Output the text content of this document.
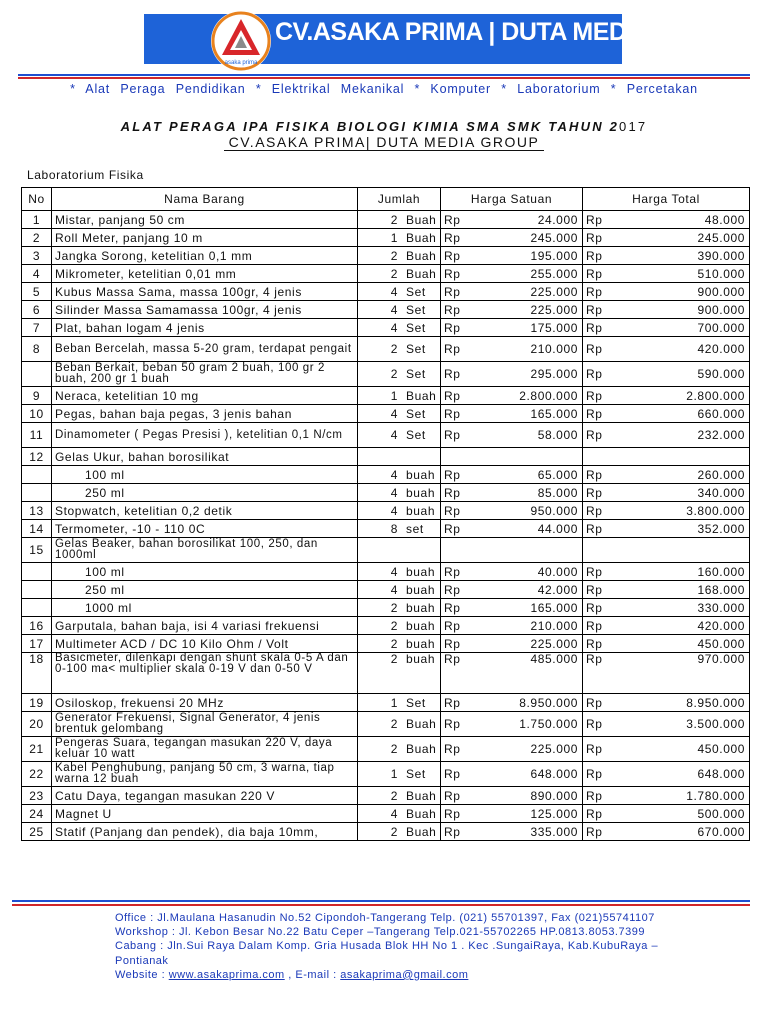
asaka prima
CV.ASAKA PRIMA | DUTA MEDIA GROUP
* Alat Peraga Pendidikan * Elektrikal Mekanikal * Komputer * Laboratorium * Percetakan
ALAT PERAGA IPA FISIKA BIOLOGI KIMIA SMA SMK TAHUN 2017
CV.ASAKA PRIMA| DUTA MEDIA GROUP
Laboratorium Fisika
No	Nama Barang	Jumlah	Harga Satuan		Harga Total	
1	Mistar, panjang 50 cm	2 Buah	Rp	24.000	Rp	48.000
2	Roll Meter, panjang 10 m	1 Buah	Rp	245.000	Rp	245.000
3	Jangka Sorong, ketelitian 0,1 mm	2 Buah	Rp	195.000	Rp	390.000
4	Mikrometer, ketelitian 0,01 mm	2 Buah	Rp	255.000	Rp	510.000
5	Kubus Massa Sama, massa 100gr, 4 jenis	4 Set	Rp	225.000	Rp	900.000
6	Silinder Massa Samamassa 100gr, 4 jenis	4 Set	Rp	225.000	Rp	900.000
7	Plat, bahan logam 4 jenis	4 Set	Rp	175.000	Rp	700.000
8	Beban Bercelah, massa 5-20 gram, terdapat pengait	2 Set	Rp	210.000	Rp	420.000
	Beban Berkait, beban 50 gram 2 buah, 100 gr 2 buah, 200 gr 1 buah	2 Set	Rp	295.000	Rp	590.000
9	Neraca, ketelitian 10 mg	1 Buah	Rp	2.800.000	Rp	2.800.000
10	Pegas, bahan baja pegas, 3 jenis bahan	4 Set	Rp	165.000	Rp	660.000
11	Dinamometer ( Pegas Presisi ), ketelitian 0,1 N/cm	4 Set	Rp	58.000	Rp	232.000
12	Gelas Ukur, bahan borosilikat					
	100 ml	4 buah	Rp	65.000	Rp	260.000
	250 ml	4 buah	Rp	85.000	Rp	340.000
13	Stopwatch, ketelitian 0,2 detik	4 buah	Rp	950.000	Rp	3.800.000
14	Termometer, -10 - 110 0C	8 set	Rp	44.000	Rp	352.000
15	Gelas Beaker, bahan borosilikat 100, 250, dan 1000ml					
	100 ml	4 buah	Rp	40.000	Rp	160.000
	250 ml	4 buah	Rp	42.000	Rp	168.000
	1000 ml	2 buah	Rp	165.000	Rp	330.000
16	Garputala, bahan baja, isi 4 variasi frekuensi	2 buah	Rp	210.000	Rp	420.000
17	Multimeter ACD / DC 10 Kilo Ohm / Volt	2 buah	Rp	225.000	Rp	450.000
18	Basicmeter, dilenkapi dengan shunt skala 0-5 A dan 0-100 ma< multiplier skala 0-19 V dan 0-50 V	2 buah	Rp	485.000	Rp	970.000
19	Osiloskop, frekuensi 20 MHz	1 Set	Rp	8.950.000	Rp	8.950.000
20	Generator Frekuensi, Signal Generator, 4 jenis brentuk gelombang	2 Buah	Rp	1.750.000	Rp	3.500.000
21	Pengeras Suara, tegangan masukan 220 V, daya keluar 10 watt	2 Buah	Rp	225.000	Rp	450.000
22	Kabel Penghubung, panjang 50 cm, 3 warna, tiap warna 12 buah	1 Set	Rp	648.000	Rp	648.000
23	Catu Daya, tegangan masukan 220 V	2 Buah	Rp	890.000	Rp	1.780.000
24	Magnet U	4 Buah	Rp	125.000	Rp	500.000
25	Statif (Panjang dan pendek), dia baja 10mm,	2 Buah	Rp	335.000	Rp	670.000
Office : Jl.Maulana Hasanudin No.52 Cipondoh-Tangerang Telp. (021) 55701397, Fax (021)55741107
Workshop : Jl. Kebon Besar No.22 Batu Ceper –Tangerang Telp.021-55702265 HP.0813.8053.7399
Cabang : Jln.Sui Raya Dalam Komp. Gria Husada Blok HH No 1 . Kec .SungaiRaya, Kab.KubuRaya –
Pontianak
Website : www.asakaprima.com , E-mail : asakaprima@gmail.com
